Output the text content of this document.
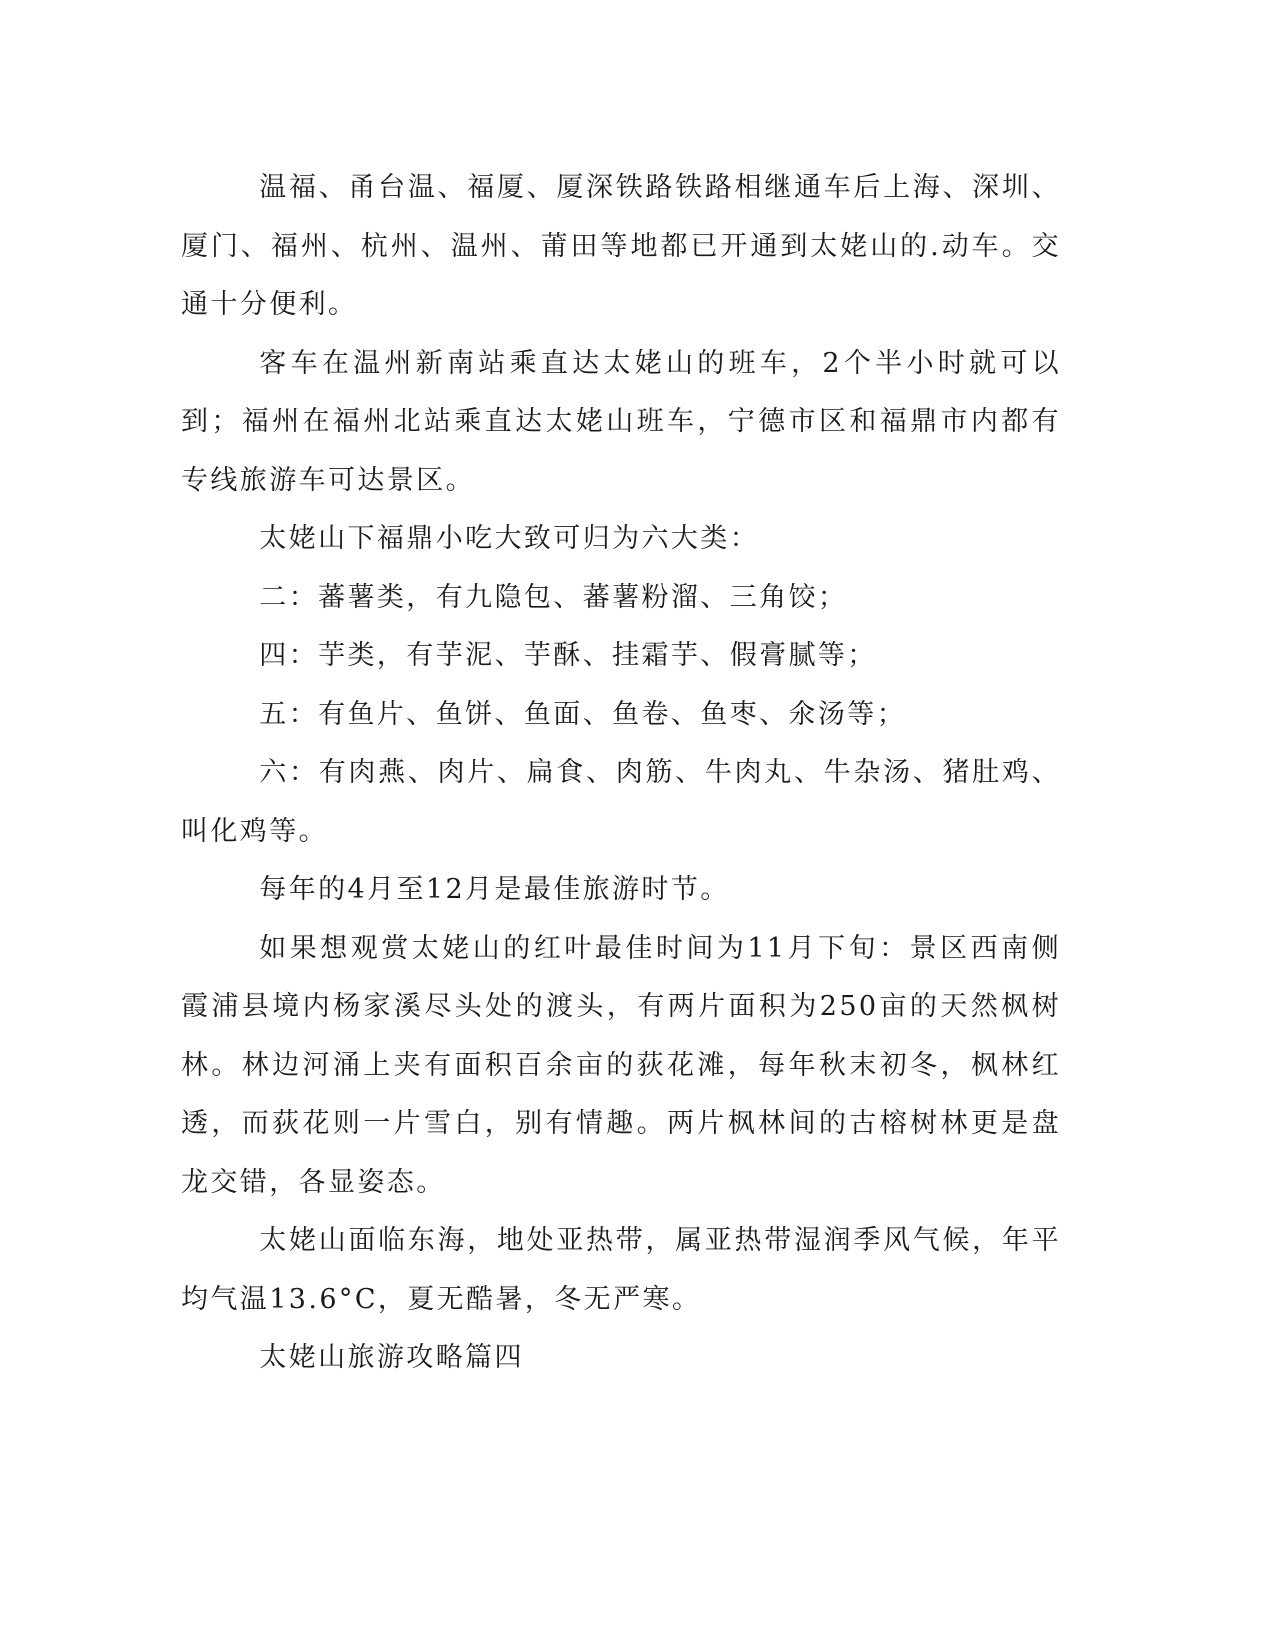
温福、甬台温、福厦、厦深铁路铁路相继通车后上海、深圳、厦门、福州、杭州、温州、莆田等地都已开通到太姥山的.动车。交通十分便利。

客车在温州新南站乘直达太姥山的班车，2个半小时就可以到；福州在福州北站乘直达太姥山班车，宁德市区和福鼎市内都有专线旅游车可达景区。

太姥山下福鼎小吃大致可归为六大类：

二：蕃薯类，有九隐包、蕃薯粉溜、三角饺；

四：芋类，有芋泥、芋酥、挂霜芋、假膏腻等；

五：有鱼片、鱼饼、鱼面、鱼卷、鱼枣、氽汤等；

六：有肉燕、肉片、扁食、肉筋、牛肉丸、牛杂汤、猪肚鸡、叫化鸡等。

每年的4月至12月是最佳旅游时节。

如果想观赏太姥山的红叶最佳时间为11月下旬：景区西南侧霞浦县境内杨家溪尽头处的渡头，有两片面积为250亩的天然枫树林。林边河涌上夹有面积百余亩的荻花滩，每年秋末初冬，枫林红透，而荻花则一片雪白，别有情趣。两片枫林间的古榕树林更是盘龙交错，各显姿态。

太姥山面临东海，地处亚热带，属亚热带湿润季风气候，年平均气温13.6°C，夏无酷暑，冬无严寒。

太姥山旅游攻略篇四
